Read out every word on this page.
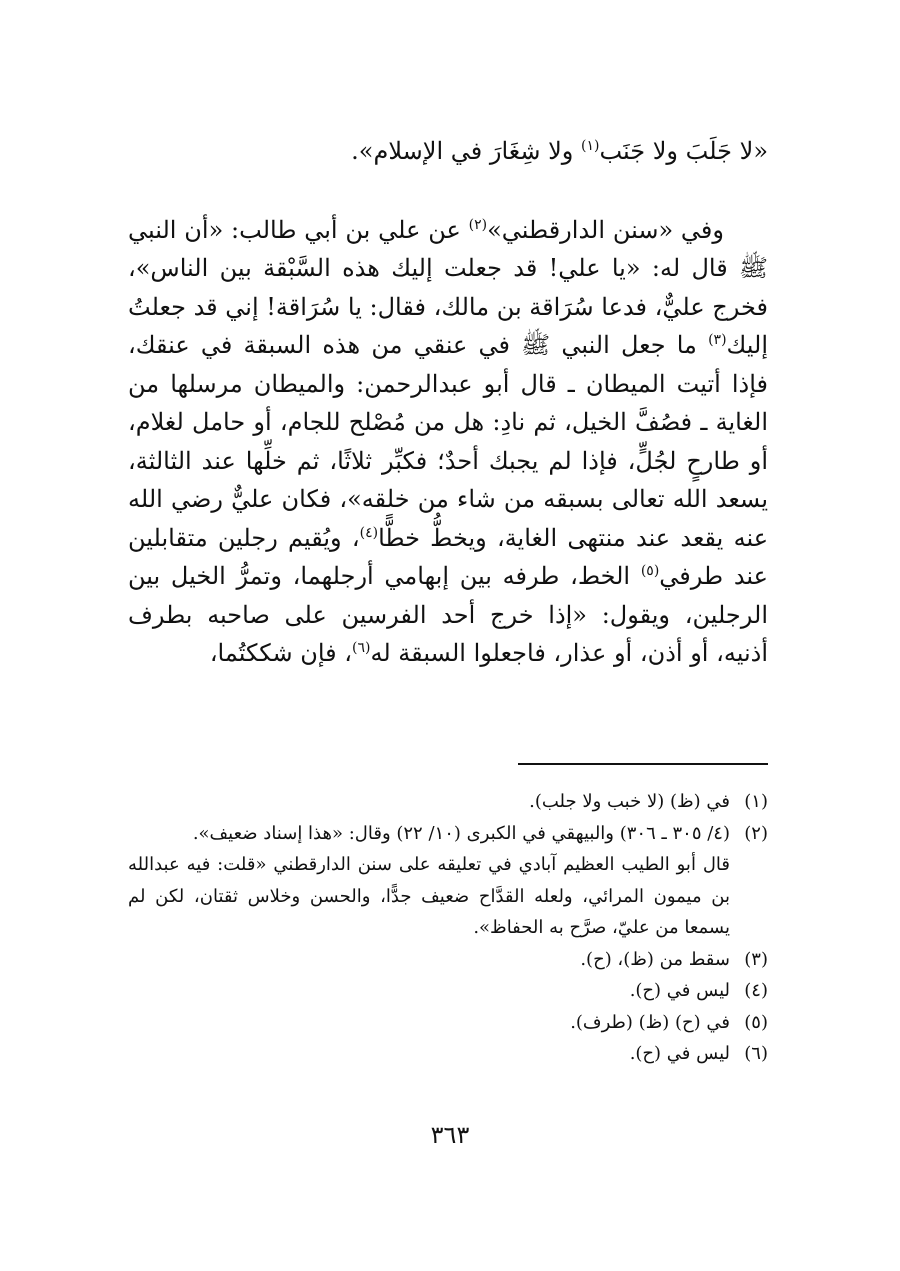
«لا جَلَبَ ولا جَنَب$^{(١)}$ ولا شِغَارَ في الإسلام».

وفي «سنن الدارقطني»$^{(٢)}$ عن علي بن أبي طالب: «أن النبي ﷺ قال له: «يا علي! قد جعلت إليك هذه السَّبْقة بين الناس»، فخرج عليٌّ، فدعا سُرَاقة بن مالك، فقال: يا سُرَاقة! إني قد جعلتُ إليك$^{(٣)}$ ما جعل النبي ﷺ في عنقي من هذه السبقة في عنقك، فإذا أتيت الميطان ـ قال أبو عبدالرحمن: والميطان مرسلها من الغاية ـ فصُفَّ الخيل، ثم نادِ: هل من مُصْلح للجام، أو حامل لغلام، أو طارحٍ لجُلٍّ، فإذا لم يجبك أحدٌ؛ فكبِّر ثلاثًا، ثم خلِّها عند الثالثة، يسعد الله تعالى بسبقه من شاء من خلقه»، فكان عليٌّ رضي الله عنه يقعد عند منتهى الغاية، ويخطُّ خطًّا$^{(٤)}$، ويُقيم رجلين متقابلين عند طرفي$^{(٥)}$ الخط، طرفه بين إبهامي أرجلهما، وتمرُّ الخيل بين الرجلين، ويقول: «إذا خرج أحد الفرسين على صاحبه بطرف أذنيه، أو أذن، أو عذار، فاجعلوا السبقة له$^{(٦)}$، فإن شككتُما،

(١)
في (ظ) (لا خبب ولا جلب).
(٢)
(٤/ ٣٠٥ ـ ٣٠٦) والبيهقي في الكبرى (١٠/ ٢٢) وقال: «هذا إسناد ضعيف».
قال أبو الطيب العظيم آبادي في تعليقه على سنن الدارقطني «قلت: فيه عبدالله بن ميمون المرائي، ولعله القدَّاح ضعيف جدًّا، والحسن وخلاس ثقتان، لكن لم يسمعا من عليّ، صرَّح به الحفاظ».
(٣)
سقط من (ظ)، (ح).
(٤)
ليس في (ح).
(٥)
في (ح) (ظ) (طرف).
(٦)
ليس في (ح).
٣٦٣
